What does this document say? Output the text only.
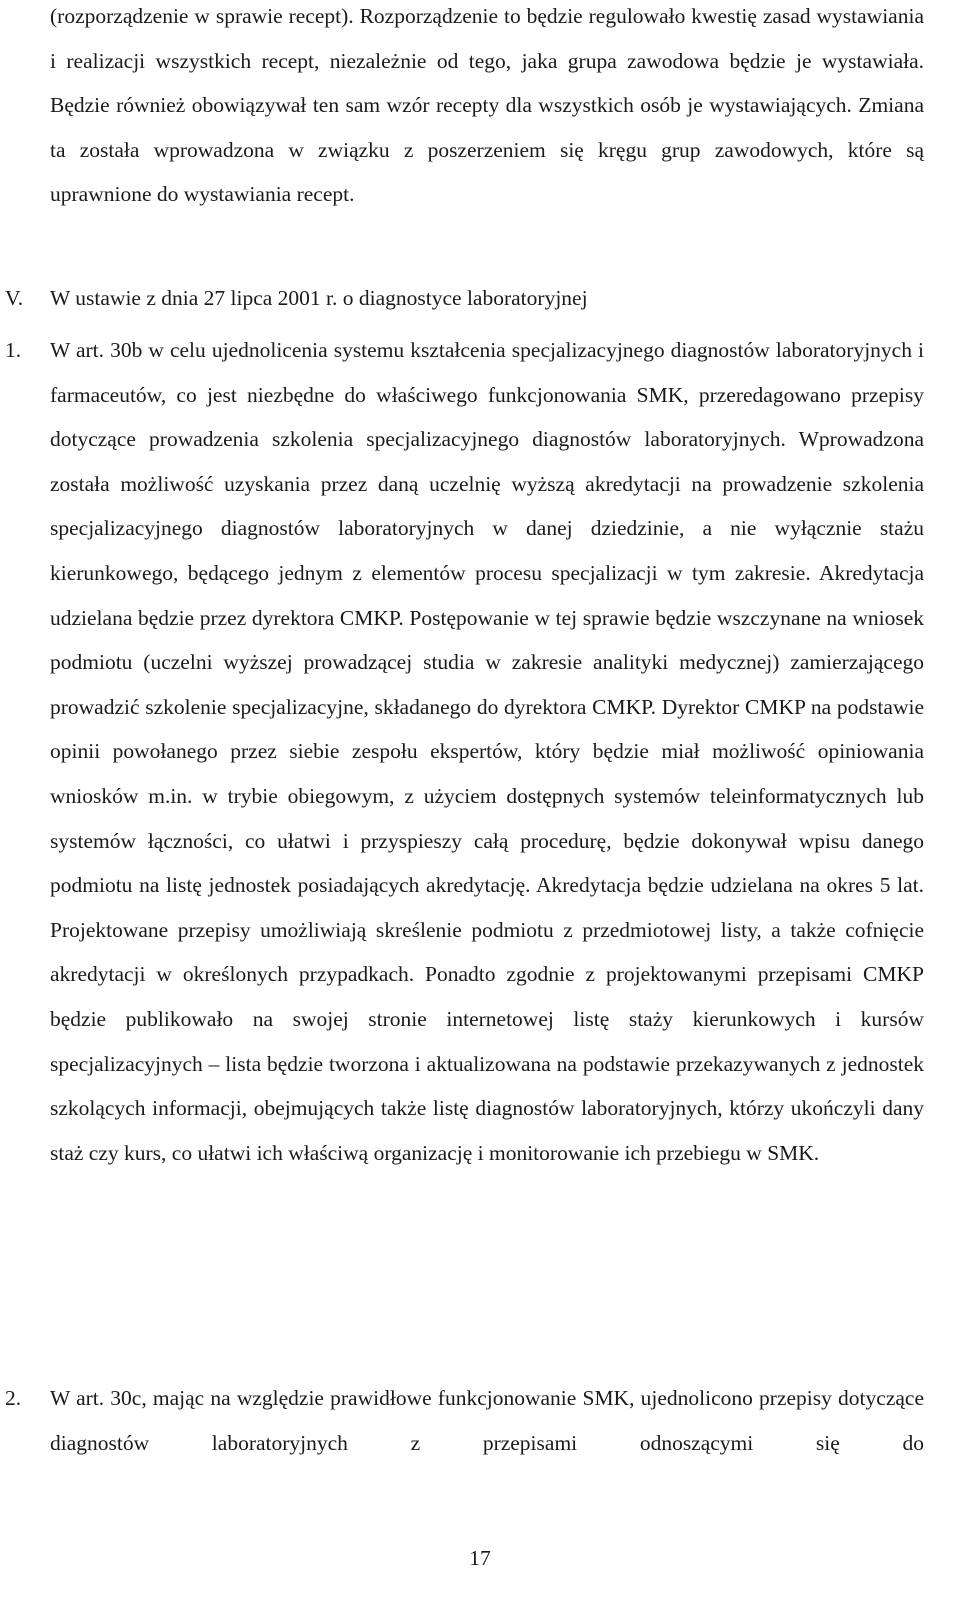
(rozporządzenie w sprawie recept). Rozporządzenie to będzie regulowało kwestię zasad wystawiania i realizacji wszystkich recept, niezależnie od tego, jaka grupa zawodowa będzie je wystawiała. Będzie również obowiązywał ten sam wzór recepty dla wszystkich osób je wystawiających. Zmiana ta została wprowadzona w związku z poszerzeniem się kręgu grup zawodowych, które są uprawnione do wystawiania recept.

V. W ustawie z dnia 27 lipca 2001 r. o diagnostyce laboratoryjnej
1. W art. 30b w celu ujednolicenia systemu kształcenia specjalizacyjnego diagnostów laboratoryjnych i farmaceutów, co jest niezbędne do właściwego funkcjonowania SMK, przeredagowano przepisy dotyczące prowadzenia szkolenia specjalizacyjnego diagnostów laboratoryjnych. Wprowadzona została możliwość uzyskania przez daną uczelnię wyższą akredytacji na prowadzenie szkolenia specjalizacyjnego diagnostów laboratoryjnych w danej dziedzinie, a nie wyłącznie stażu kierunkowego, będącego jednym z elementów procesu specjalizacji w tym zakresie. Akredytacja udzielana będzie przez dyrektora CMKP. Postępowanie w tej sprawie będzie wszczynane na wniosek podmiotu (uczelni wyższej prowadzącej studia w zakresie analityki medycznej) zamierzającego prowadzić szkolenie specjalizacyjne, składanego do dyrektora CMKP. Dyrektor CMKP na podstawie opinii powołanego przez siebie zespołu ekspertów, który będzie miał możliwość opiniowania wniosków m.in. w trybie obiegowym, z użyciem dostępnych systemów teleinformatycznych lub systemów łączności, co ułatwi i przyspieszy całą procedurę, będzie dokonywał wpisu danego podmiotu na listę jednostek posiadających akredytację. Akredytacja będzie udzielana na okres 5 lat. Projektowane przepisy umożliwiają skreślenie podmiotu z przedmiotowej listy, a także cofnięcie akredytacji w określonych przypadkach. Ponadto zgodnie z projektowanymi przepisami CMKP będzie publikowało na swojej stronie internetowej listę staży kierunkowych i kursów specjalizacyjnych – lista będzie tworzona i aktualizowana na podstawie przekazywanych z jednostek szkolących informacji, obejmujących także listę diagnostów laboratoryjnych, którzy ukończyli dany staż czy kurs, co ułatwi ich właściwą organizację i monitorowanie ich przebiegu w SMK.
2. W art. 30c, mając na względzie prawidłowe funkcjonowanie SMK, ujednolicono przepisy dotyczące diagnostów laboratoryjnych z przepisami odnoszącymi się do
17
